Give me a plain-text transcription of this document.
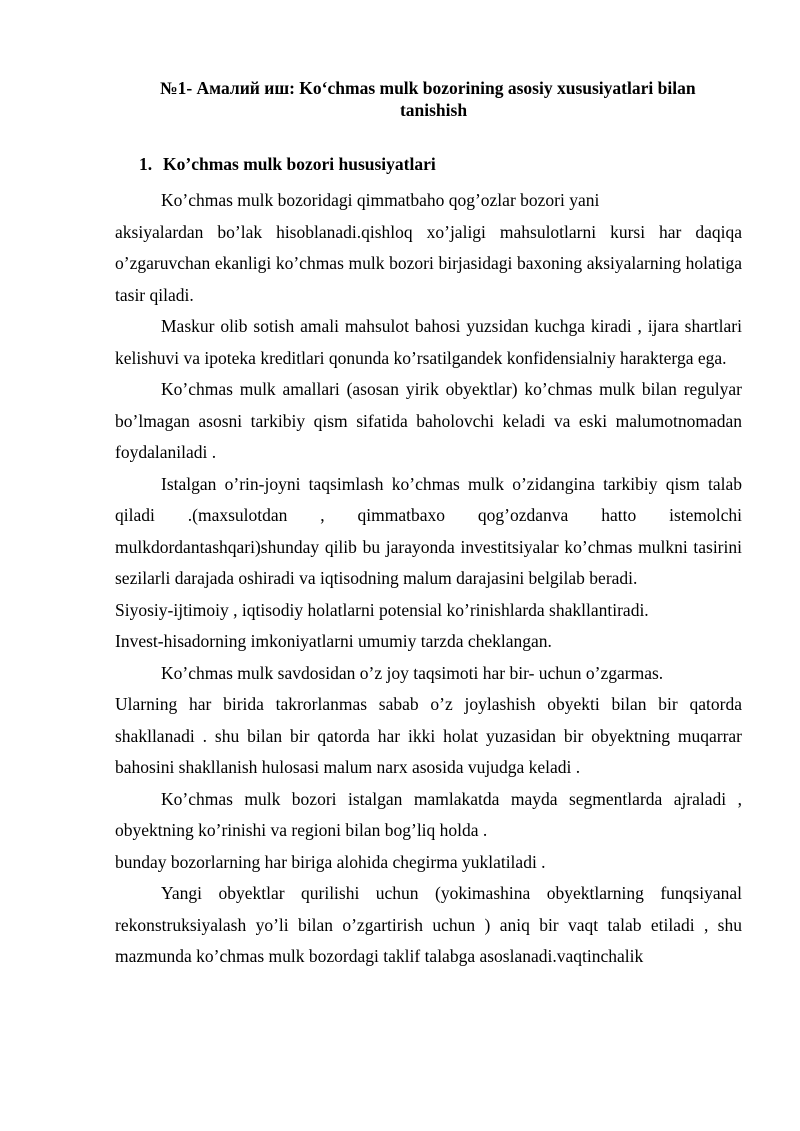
№1- Амалий иш: Ko‘chmas mulk bozorining asosiy xususiyatlari bilan
tanishish
1. Ko’chmas mulk bozori hususiyatlari

Ko’chmas mulk bozoridagi qimmatbaho qog’ozlar bozori yani

aksiyalardan bo’lak hisoblanadi.qishloq xo’jaligi mahsulotlarni kursi har daqiqa o’zgaruvchan ekanligi ko’chmas mulk bozori birjasidagi baxoning aksiyalarning holatiga tasir qiladi.

Maskur olib sotish amali mahsulot bahosi yuzsidan kuchga kiradi , ijara shartlari kelishuvi va ipoteka kreditlari qonunda ko’rsatilgandek konfidensialniy harakterga ega.

Ko’chmas mulk amallari (asosan yirik obyektlar) ko’chmas mulk bilan regulyar bo’lmagan asosni tarkibiy qism sifatida baholovchi keladi va eski malumotnomadan foydalaniladi .

Istalgan o’rin-joyni taqsimlash ko’chmas mulk o’zidangina tarkibiy qism talab qiladi .(maxsulotdan , qimmatbaxo qog’ozdanva hatto istemolchi mulkdordantashqari)shunday qilib bu jarayonda investitsiyalar ko’chmas mulkni tasirini sezilarli darajada oshiradi va iqtisodning malum darajasini belgilab beradi.

Siyosiy-ijtimoiy , iqtisodiy holatlarni potensial ko’rinishlarda shakllantiradi.

Invest-hisadorning imkoniyatlarni umumiy tarzda cheklangan.

Ko’chmas mulk savdosidan o’z joy taqsimoti har bir- uchun o’zgarmas.

Ularning har birida takrorlanmas sabab o’z joylashish obyekti bilan bir qatorda shakllanadi . shu bilan bir qatorda har ikki holat yuzasidan bir obyektning muqarrar bahosini shakllanish hulosasi malum narx asosida vujudga keladi .

Ko’chmas mulk bozori istalgan mamlakatda mayda segmentlarda ajraladi , obyektning ko’rinishi va regioni bilan bog’liq holda .

bunday bozorlarning har biriga alohida chegirma yuklatiladi .

Yangi obyektlar qurilishi uchun (yokimashina obyektlarning funqsiyanal rekonstruksiyalash yo’li bilan o’zgartirish uchun ) aniq bir vaqt talab etiladi , shu mazmunda ko’chmas mulk bozordagi taklif talabga asoslanadi.vaqtinchalik
